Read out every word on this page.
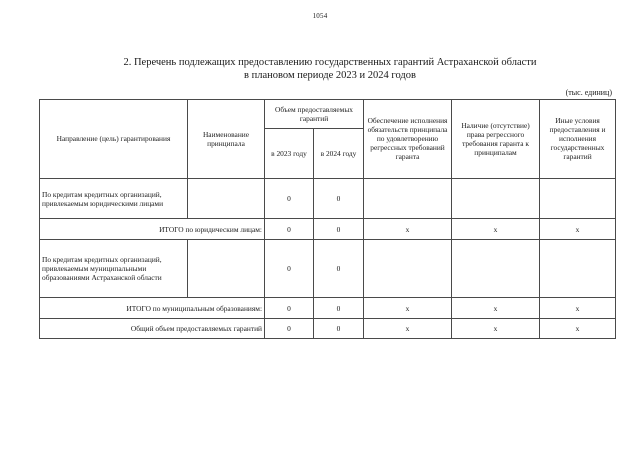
1054
2. Перечень подлежащих предоставлению государственных гарантий Астраханской области
в плановом периоде 2023 и 2024 годов
(тыс. единиц)
Направление (цель) гарантирования	Наименование принципала	Объем предоставляемых гарантий		Обеспечение исполнения обязательств принципала по удовлетворению регрессных требований гаранта	Наличие (отсутствие) права регрессного требования гаранта к принципалам	Иные условия предоставления и исполнения государственных гарантий
		в 2023 году	в 2024 году			
По кредитам кредитных организаций, привлекаемым юридическими лицами		0	0			
ИТОГО по юридическим лицам:		0	0	x	x	x
По кредитам кредитных организаций, привлекаемым муниципальными образованиями Астраханской области		0	0			
ИТОГО по муниципальным образованиям:		0	0	x	x	x
Общий объем предоставляемых гарантий		0	0	x	x	x
